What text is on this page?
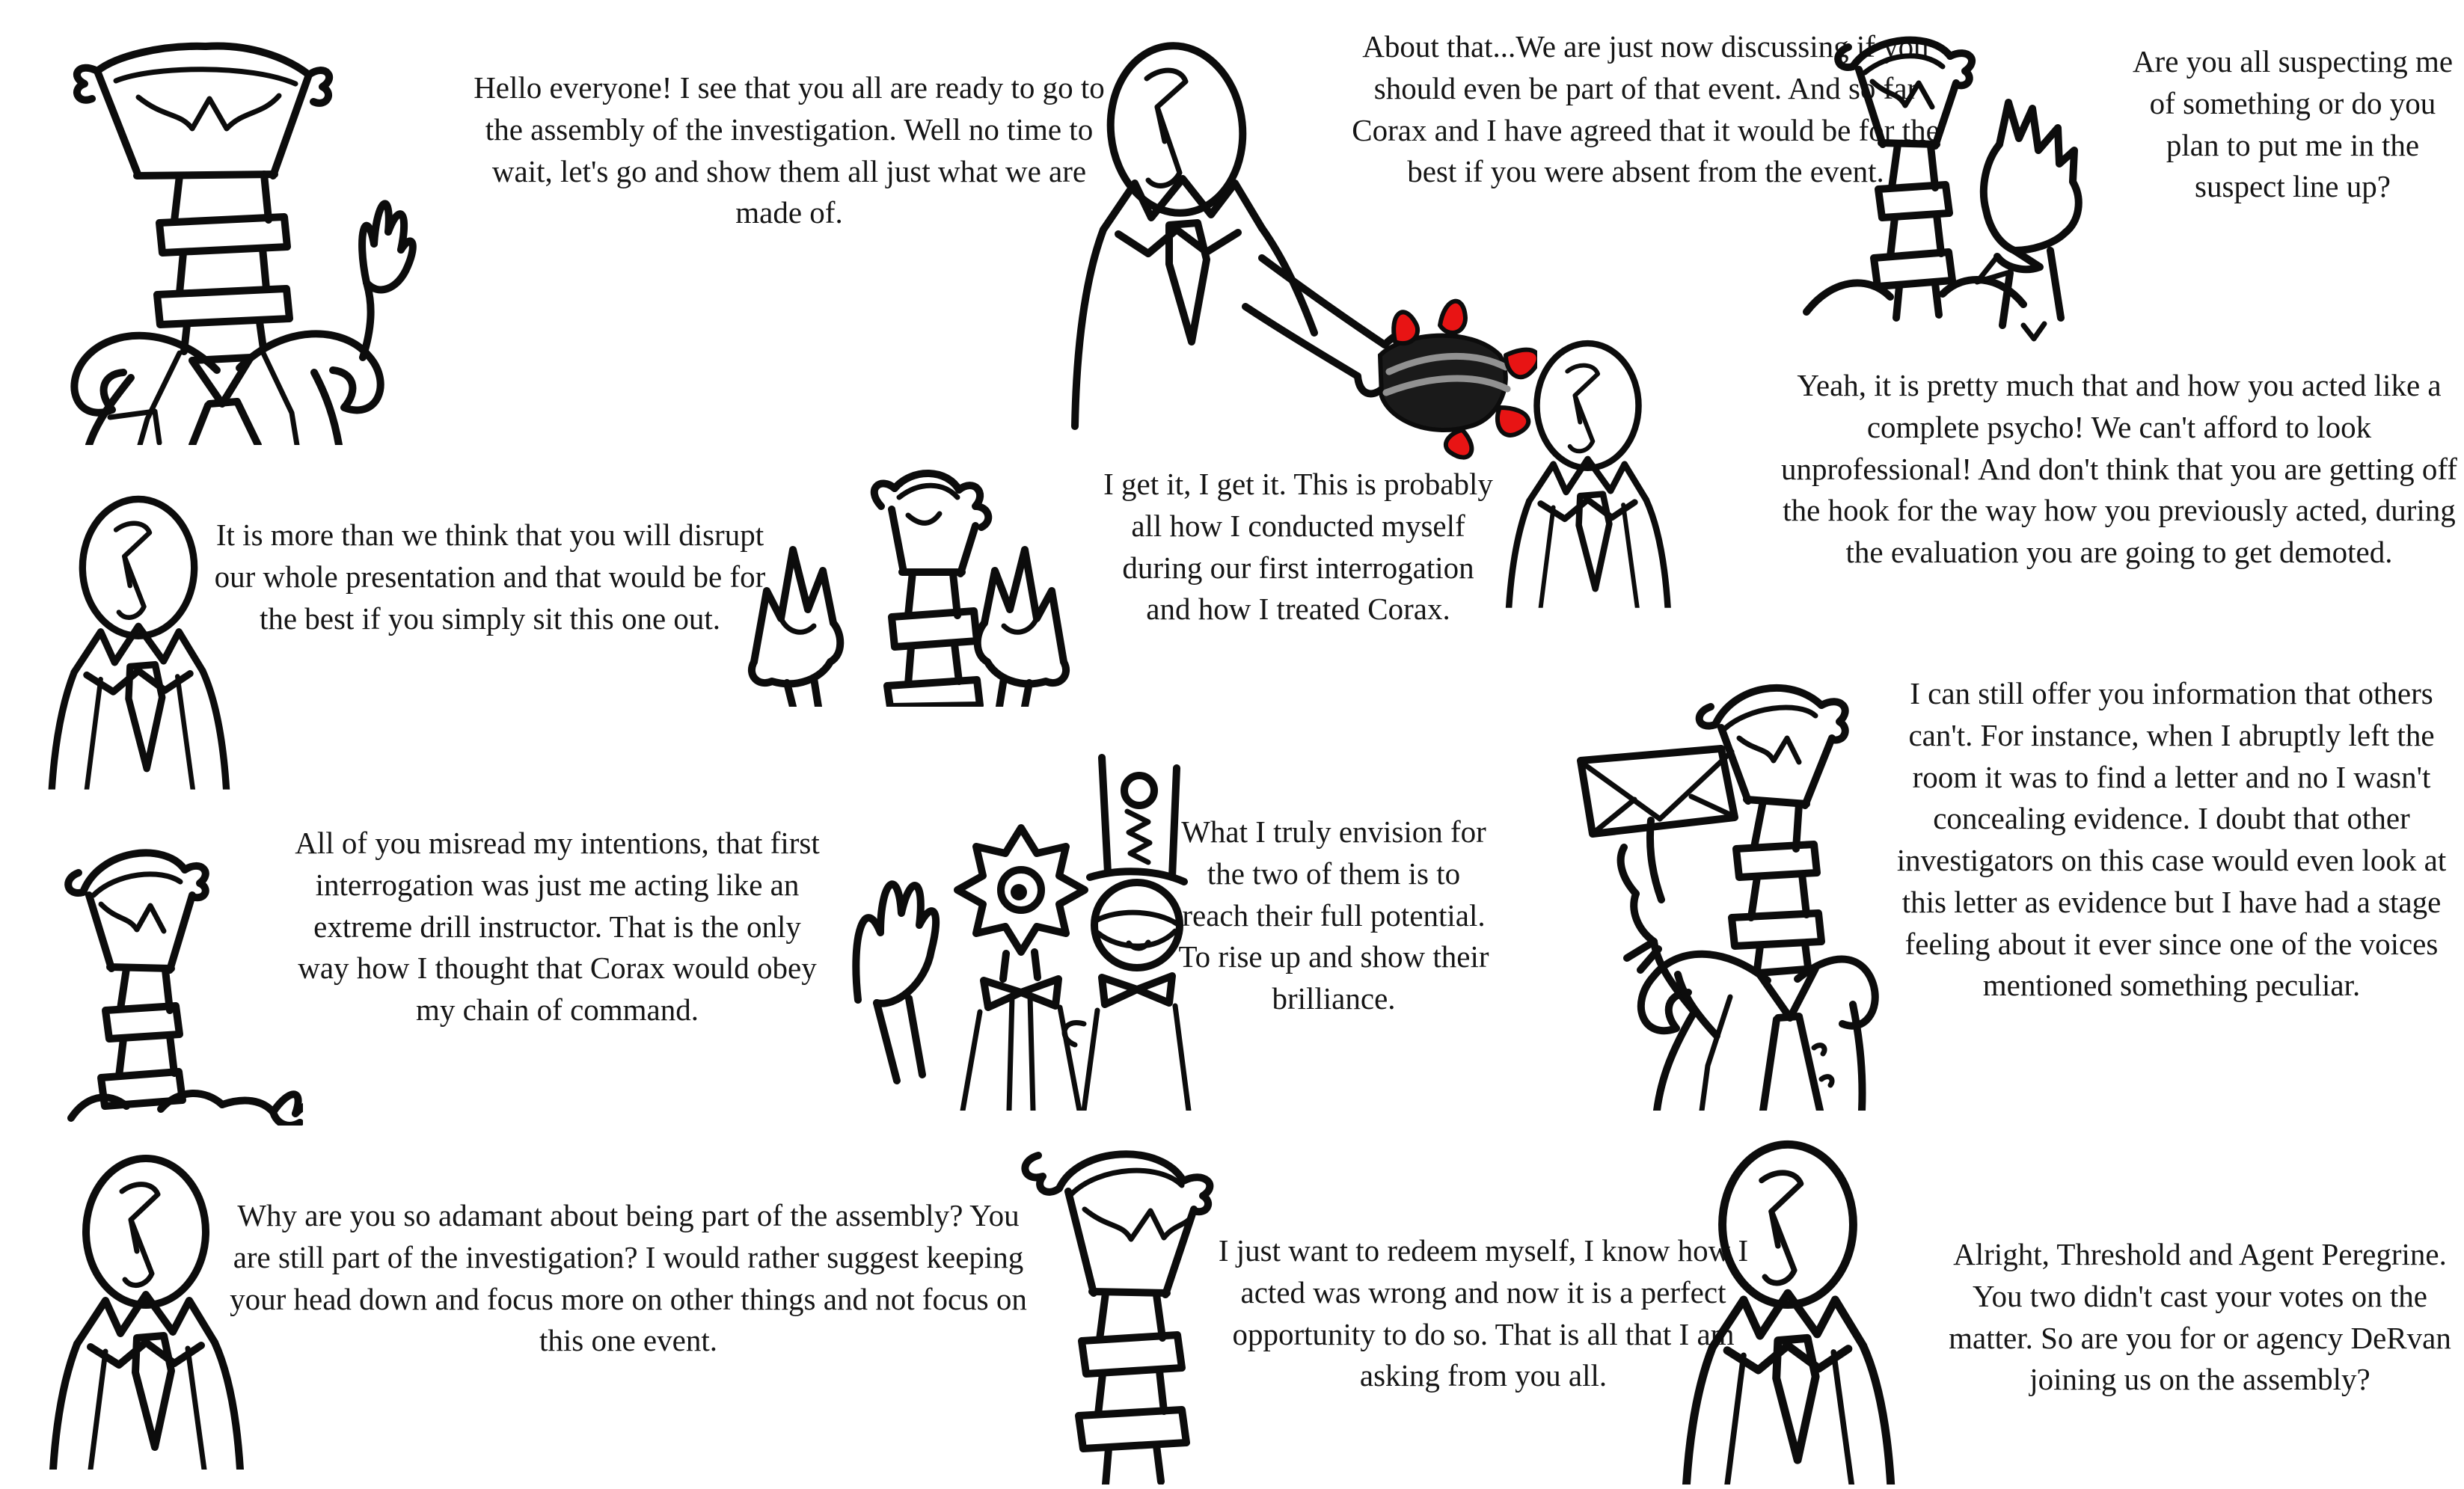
Hello everyone! I see that you all are ready to go to the assembly of the investigation. Well no time to wait, let's go and show them all just what we are made of.
About that...We are just now discussing if you should even be part of that event. And so far Corax and I have agreed that it would be for the best if you were absent from the event.
Are you all suspecting me of something or do you plan to put me in the suspect line up?
It is more than we think that you will disrupt our whole presentation and that would be for the best if you simply sit this one out.
I get it, I get it. This is probably all how I conducted myself during our first interrogation and how I treated Corax.
Yeah, it is pretty much that and how you acted like a complete psycho! We can't afford to look unprofessional! And don't think that you are getting off the hook for the way how you previously acted, during the evaluation you are going to get demoted.
All of you misread my intentions, that first interrogation was just me acting like an extreme drill instructor. That is the only way how I thought that Corax would obey my chain of command.
What I truly envision for the two of them is to reach their full potential. To rise up and show their brilliance.
I can still offer you information that others can't. For instance, when I abruptly left the room it was to find a letter and no I wasn't concealing evidence. I doubt that other investigators on this case would even look at this letter as evidence but I have had a stage feeling about it ever since one of the voices mentioned something peculiar.
Why are you so adamant about being part of the assembly? You are still part of the investigation? I would rather suggest keeping your head down and focus more on other things and not focus on this one event.
I just want to redeem myself, I know how I acted was wrong and now it is a perfect opportunity to do so. That is all that I am asking from you all.
Alright, Threshold and Agent Peregrine. You two didn't cast your votes on the matter. So are you for or agency DeRvan joining us on the assembly?
